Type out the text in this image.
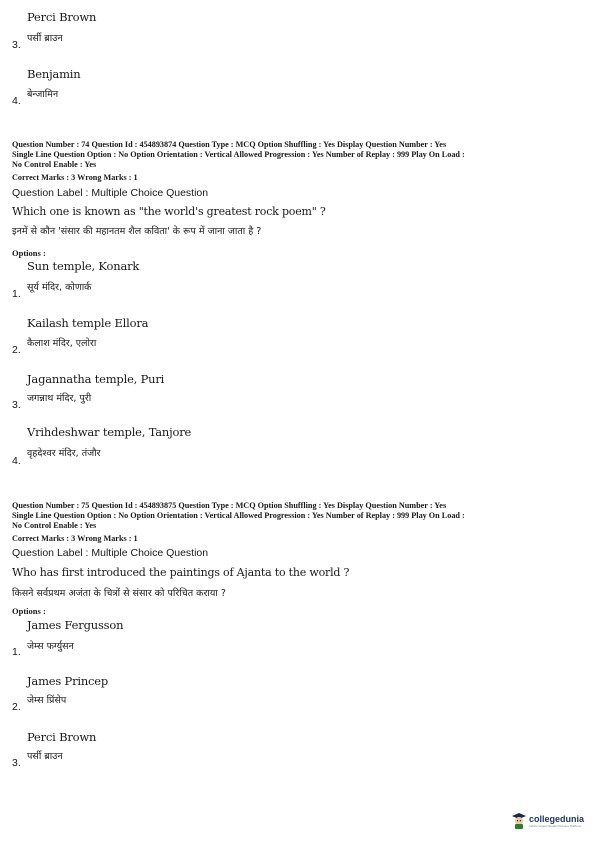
Perci Brown
3.
पर्सी ब्राउन
Benjamin
4.
बेन्जामिन
Question Number : 74 Question Id : 454893874 Question Type : MCQ Option Shuffling : Yes Display Question Number : Yes
Single Line Question Option : No Option Orientation : Vertical Allowed Progression : Yes Number of Replay : 999 Play On Load :
No Control Enable : Yes
Correct Marks : 3 Wrong Marks : 1
Question Label : Multiple Choice Question
Which one is known as "the world's greatest rock poem" ?
इनमें से कौन 'संसार की महानतम शैल कविता' के रूप में जाना जाता है ?
Options :
Sun temple, Konark
1.
सूर्य मंदिर, कोणार्क
Kailash temple Ellora
2.
कैलाश मंदिर, एलोरा
Jagannatha temple, Puri
3.
जगन्नाथ मंदिर, पुरी
Vrihdeshwar temple, Tanjore
4.
वृहदेश्वर मंदिर, तंजौर
Question Number : 75 Question Id : 454893875 Question Type : MCQ Option Shuffling : Yes Display Question Number : Yes
Single Line Question Option : No Option Orientation : Vertical Allowed Progression : Yes Number of Replay : 999 Play On Load :
No Control Enable : Yes
Correct Marks : 3 Wrong Marks : 1
Question Label : Multiple Choice Question
Who has first introduced the paintings of Ajanta to the world ?
किसने सर्वप्रथम अजंता के चित्रों से संसार को परिचित कराया ?
Options :
James Fergusson
1. जेम्स फर्ग्युसन
James Princep
2.
जेम्स प्रिंसेप
Perci Brown
3.
पर्सी ब्राउन
collegedunia
India's largest Student Review Platform
